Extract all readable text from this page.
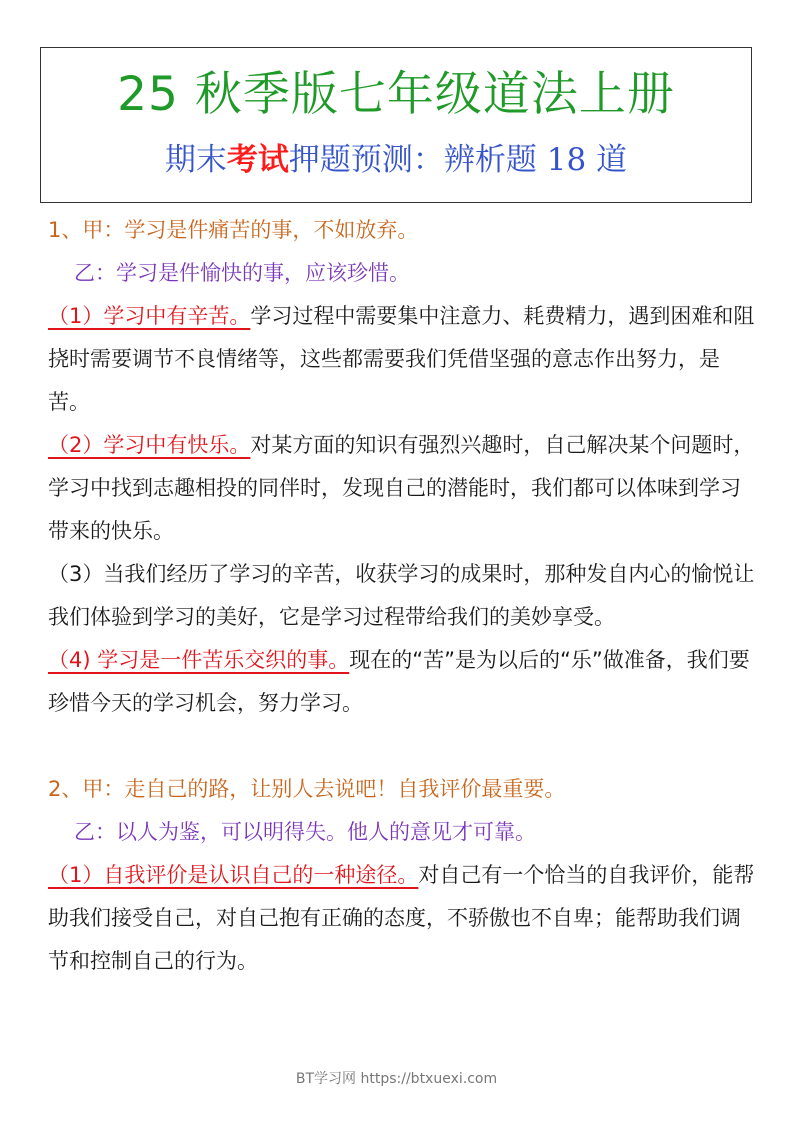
25 秋季版七年级道法上册
期末考试押题预测：辨析题 18 道

1、甲：学习是件痛苦的事，不如放弃。

乙：学习是件愉快的事，应该珍惜。

（1）学习中有辛苦。学习过程中需要集中注意力、耗费精力，遇到困难和阻挠时需要调节不良情绪等，这些都需要我们凭借坚强的意志作出努力，是苦。

（2）学习中有快乐。对某方面的知识有强烈兴趣时，自己解决某个问题时，学习中找到志趣相投的同伴时，发现自己的潜能时，我们都可以体味到学习带来的快乐。

（3）当我们经历了学习的辛苦，收获学习的成果时，那种发自内心的愉悦让我们体验到学习的美好，它是学习过程带给我们的美妙享受。

（4) 学习是一件苦乐交织的事。现在的“苦”是为以后的“乐”做准备，我们要珍惜今天的学习机会，努力学习。

2、甲：走自己的路，让别人去说吧！自我评价最重要。

乙：以人为鉴，可以明得失。他人的意见才可靠。

（1）自我评价是认识自己的一种途径。对自己有一个恰当的自我评价，能帮助我们接受自己，对自己抱有正确的态度，不骄傲也不自卑；能帮助我们调节和控制自己的行为。

BT学习网 https://btxuexi.com
